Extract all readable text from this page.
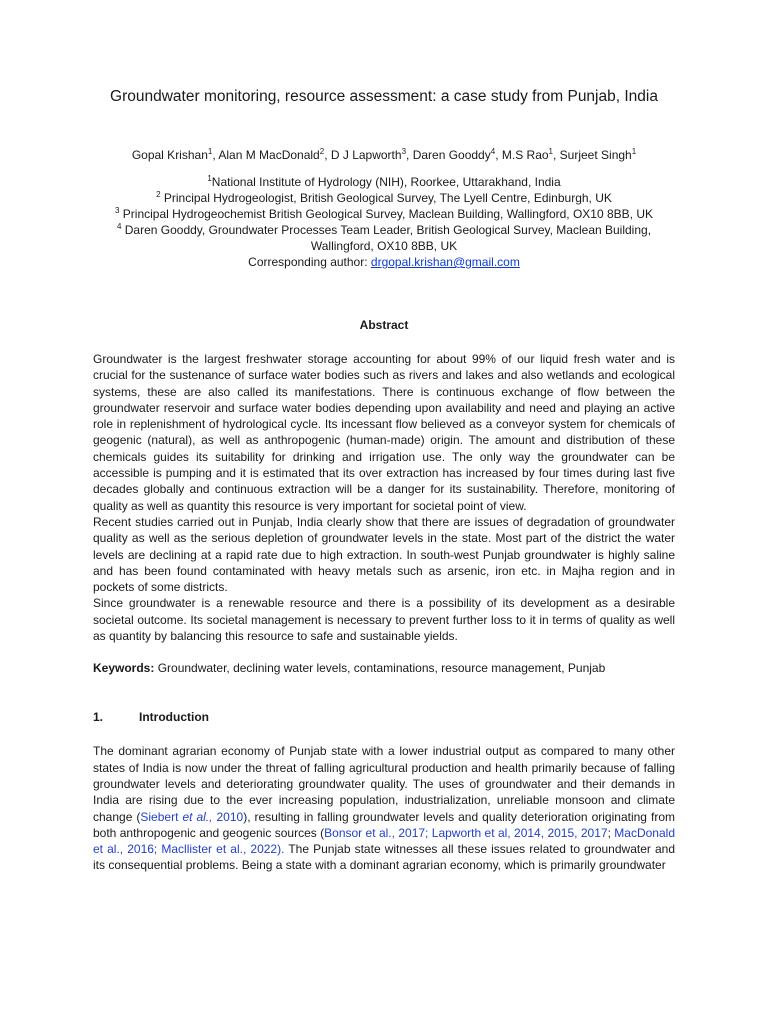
Groundwater monitoring, resource assessment: a case study from Punjab, India
Gopal Krishan$^1$, Alan M MacDonald$^2$, D J Lapworth$^3$, Daren Gooddy$^4$, M.S Rao$^1$, Surjeet Singh$^1$
$^1$National Institute of Hydrology (NIH), Roorkee, Uttarakhand, India
$^2$ Principal Hydrogeologist, British Geological Survey, The Lyell Centre, Edinburgh, UK
$^3$ Principal Hydrogeochemist British Geological Survey, Maclean Building, Wallingford, OX10 8BB, UK
$^4$ Daren Gooddy, Groundwater Processes Team Leader, British Geological Survey, Maclean Building, Wallingford, OX10 8BB, UK
Corresponding author: drgopal.krishan@gmail.com
Abstract

Groundwater is the largest freshwater storage accounting for about 99% of our liquid fresh water and is crucial for the sustenance of surface water bodies such as rivers and lakes and also wetlands and ecological systems, these are also called its manifestations. There is continuous exchange of flow between the groundwater reservoir and surface water bodies depending upon availability and need and playing an active role in replenishment of hydrological cycle. Its incessant flow believed as a conveyor system for chemicals of geogenic (natural), as well as anthropogenic (human-made) origin. The amount and distribution of these chemicals guides its suitability for drinking and irrigation use. The only way the groundwater can be accessible is pumping and it is estimated that its over extraction has increased by four times during last five decades globally and continuous extraction will be a danger for its sustainability. Therefore, monitoring of quality as well as quantity this resource is very important for societal point of view.

Recent studies carried out in Punjab, India clearly show that there are issues of degradation of groundwater quality as well as the serious depletion of groundwater levels in the state. Most part of the district the water levels are declining at a rapid rate due to high extraction. In south-west Punjab groundwater is highly saline and has been found contaminated with heavy metals such as arsenic, iron etc. in Majha region and in pockets of some districts.

Since groundwater is a renewable resource and there is a possibility of its development as a desirable societal outcome. Its societal management is necessary to prevent further loss to it in terms of quality as well as quantity by balancing this resource to safe and sustainable yields.

Keywords: Groundwater, declining water levels, contaminations, resource management, Punjab
1.	Introduction
The dominant agrarian economy of Punjab state with a lower industrial output as compared to many other states of India is now under the threat of falling agricultural production and health primarily because of falling groundwater levels and deteriorating groundwater quality. The uses of groundwater and their demands in India are rising due to the ever increasing population, industrialization, unreliable monsoon and climate change (Siebert et al., 2010), resulting in falling groundwater levels and quality deterioration originating from both anthropogenic and geogenic sources (Bonsor et al., 2017; Lapworth et al, 2014, 2015, 2017; MacDonald et al., 2016; Macllister et al., 2022). The Punjab state witnesses all these issues related to groundwater and its consequential problems. Being a state with a dominant agrarian economy, which is primarily groundwater
